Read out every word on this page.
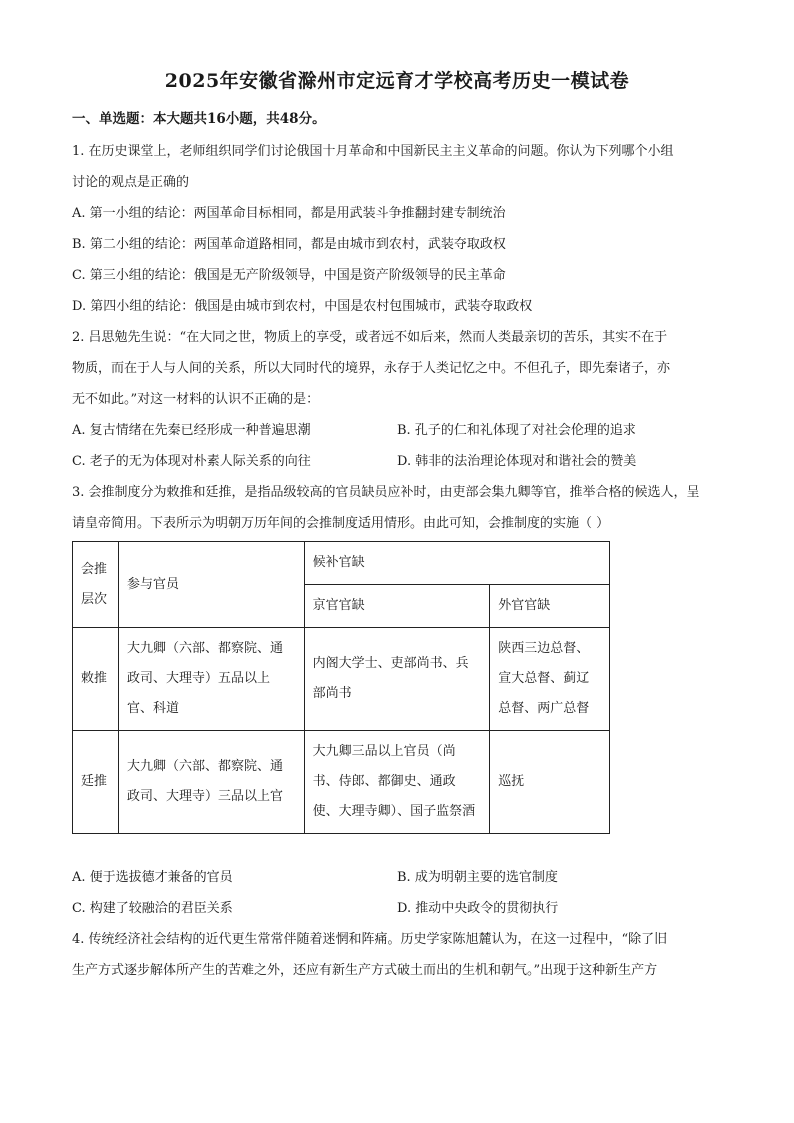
2025年安徽省滁州市定远育才学校高考历史一模试卷
一、单选题：本大题共16小题，共48分。

1. 在历史课堂上，老师组织同学们讨论俄国十月革命和中国新民主主义革命的问题。你认为下列哪个小组

讨论的观点是正确的

A. 第一小组的结论：两国革命目标相同，都是用武装斗争推翻封建专制统治

B. 第二小组的结论：两国革命道路相同，都是由城市到农村，武装夺取政权

C. 第三小组的结论：俄国是无产阶级领导，中国是资产阶级领导的民主革命

D. 第四小组的结论：俄国是由城市到农村，中国是农村包围城市，武装夺取政权

2. 吕思勉先生说：“在大同之世，物质上的享受，或者远不如后来，然而人类最亲切的苦乐，其实不在于

物质，而在于人与人间的关系，所以大同时代的境界，永存于人类记忆之中。不但孔子，即先秦诸子，亦

无不如此。”对这一材料的认识不正确的是：

A. 复古情绪在先秦已经形成一种普遍思潮	B. 孔子的仁和礼体现了对社会伦理的追求
C. 老子的无为体现对朴素人际关系的向往	D. 韩非的法治理论体现对和谐社会的赞美

3. 会推制度分为敕推和廷推，是指品级较高的官员缺员应补时，由吏部会集九卿等官，推举合格的候选人，呈

请皇帝简用。下表所示为明朝万历年间的会推制度适用情形。由此可知，会推制度的实施（ ）

会推层次	参与官员	候补官缺	
		京官官缺	外官官缺
敕推	大九卿（六部、都察院、通政司、大理寺）五品以上官、科道	内阁大学士、吏部尚书、兵部尚书	陕西三边总督、宣大总督、蓟辽总督、两广总督
廷推	大九卿（六部、都察院、通政司、大理寺）三品以上官	大九卿三品以上官员（尚书、侍郎、都御史、通政使、大理寺卿）、国子监祭酒	巡抚
A. 便于选拔德才兼备的官员	B. 成为明朝主要的选官制度
C. 构建了较融洽的君臣关系	D. 推动中央政令的贯彻执行

4. 传统经济社会结构的近代更生常常伴随着迷惘和阵痛。历史学家陈旭麓认为，在这一过程中，“除了旧

生产方式逐步解体所产生的苦难之外，还应有新生产方式破土而出的生机和朝气。”出现于这种新生产方
